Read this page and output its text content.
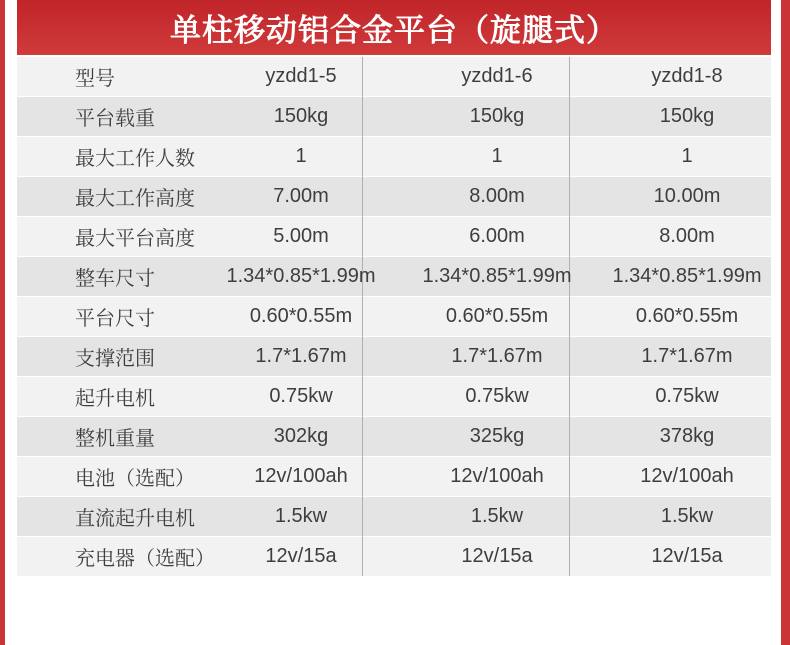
单柱移动铝合金平台（旋腿式）
型号	yzdd1-5	yzdd1-6	yzdd1-8
平台载重	150kg	150kg	150kg
最大工作人数	1	1	1
最大工作高度	7.00m	8.00m	10.00m
最大平台高度	5.00m	6.00m	8.00m
整车尺寸	1.34*0.85*1.99m	1.34*0.85*1.99m	1.34*0.85*1.99m
平台尺寸	0.60*0.55m	0.60*0.55m	0.60*0.55m
支撑范围	1.7*1.67m	1.7*1.67m	1.7*1.67m
起升电机	0.75kw	0.75kw	0.75kw
整机重量	302kg	325kg	378kg
电池（选配）	12v/100ah	12v/100ah	12v/100ah
直流起升电机	1.5kw	1.5kw	1.5kw
充电器（选配）	12v/15a	12v/15a	12v/15a
